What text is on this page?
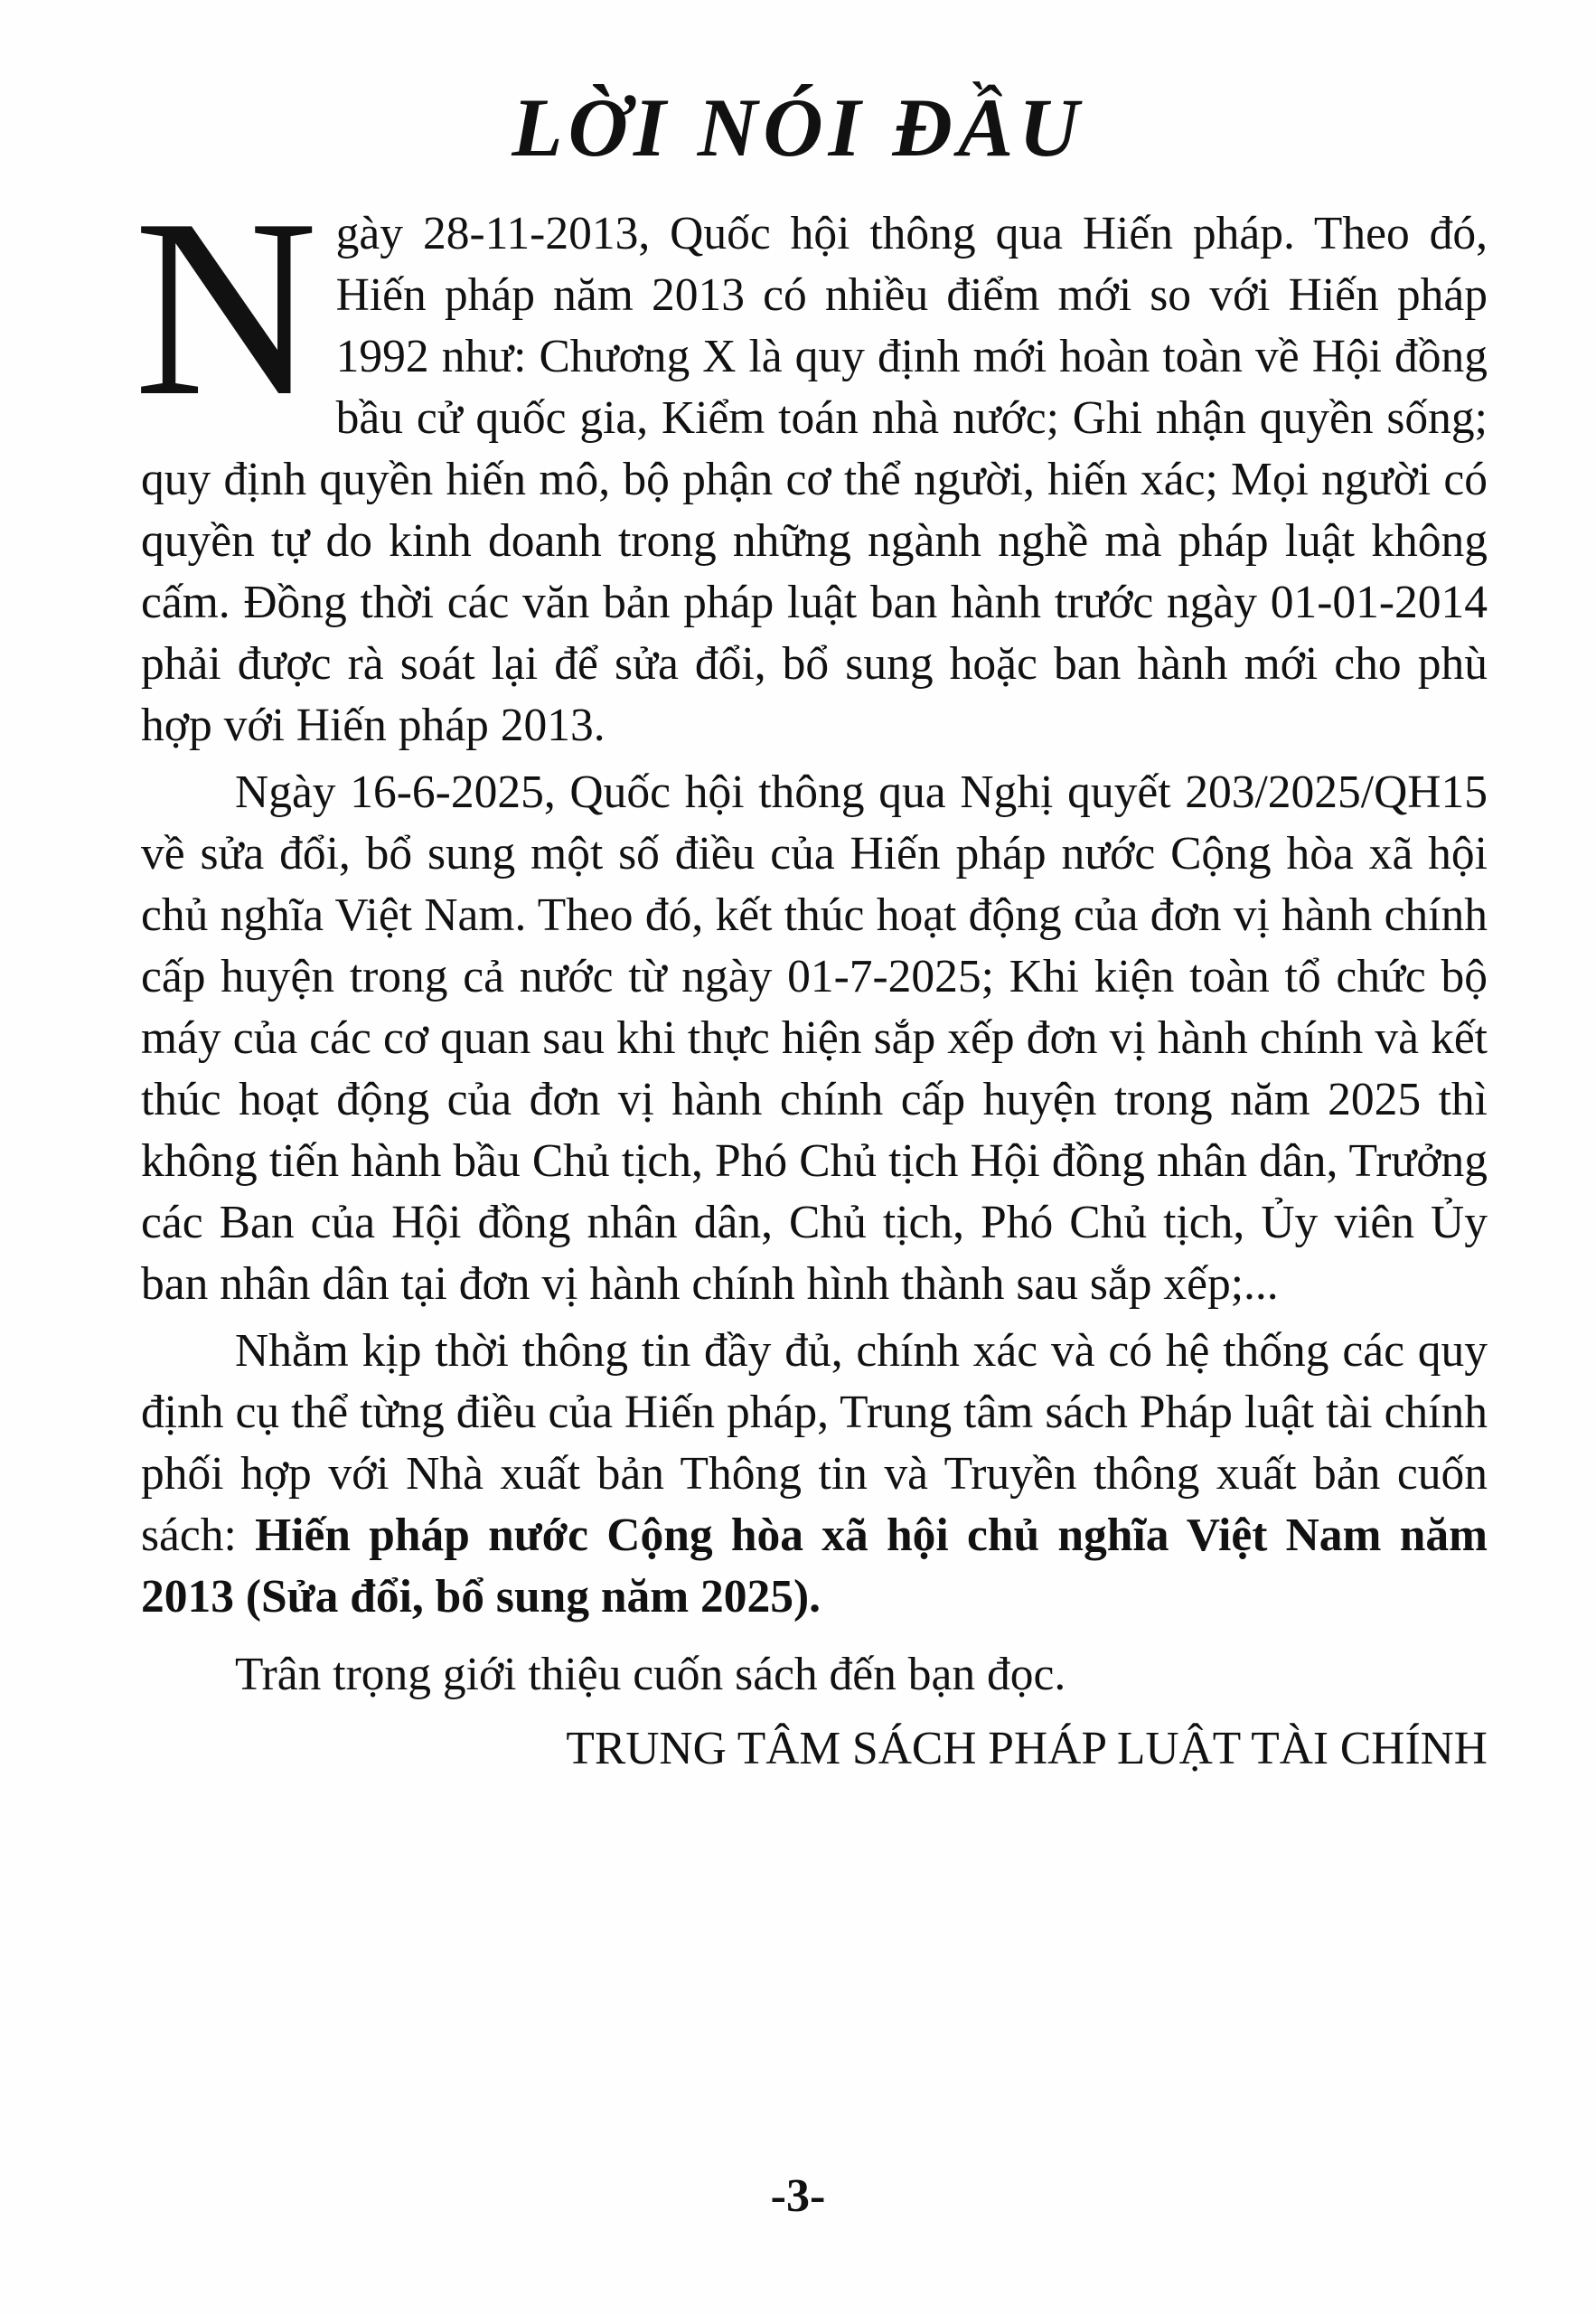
LỜI NÓI ĐẦU

Ngày 28-11-2013, Quốc hội thông qua Hiến pháp. Theo đó, Hiến pháp năm 2013 có nhiều điểm mới so với Hiến pháp 1992 như: Chương X là quy định mới hoàn toàn về Hội đồng bầu cử quốc gia, Kiểm toán nhà nước; Ghi nhận quyền sống; quy định quyền hiến mô, bộ phận cơ thể người, hiến xác; Mọi người có quyền tự do kinh doanh trong những ngành nghề mà pháp luật không cấm. Đồng thời các văn bản pháp luật ban hành trước ngày 01-01-2014 phải được rà soát lại để sửa đổi, bổ sung hoặc ban hành mới cho phù hợp với Hiến pháp 2013.

Ngày 16-6-2025, Quốc hội thông qua Nghị quyết 203/2025/QH15 về sửa đổi, bổ sung một số điều của Hiến pháp nước Cộng hòa xã hội chủ nghĩa Việt Nam. Theo đó, kết thúc hoạt động của đơn vị hành chính cấp huyện trong cả nước từ ngày 01-7-2025; Khi kiện toàn tổ chức bộ máy của các cơ quan sau khi thực hiện sắp xếp đơn vị hành chính và kết thúc hoạt động của đơn vị hành chính cấp huyện trong năm 2025 thì không tiến hành bầu Chủ tịch, Phó Chủ tịch Hội đồng nhân dân, Trưởng các Ban của Hội đồng nhân dân, Chủ tịch, Phó Chủ tịch, Ủy viên Ủy ban nhân dân tại đơn vị hành chính hình thành sau sắp xếp;...

Nhằm kịp thời thông tin đầy đủ, chính xác và có hệ thống các quy định cụ thể từng điều của Hiến pháp, Trung tâm sách Pháp luật tài chính phối hợp với Nhà xuất bản Thông tin và Truyền thông xuất bản cuốn sách: Hiến pháp nước Cộng hòa xã hội chủ nghĩa Việt Nam năm 2013 (Sửa đổi, bổ sung năm 2025).

Trân trọng giới thiệu cuốn sách đến bạn đọc.

TRUNG TÂM SÁCH PHÁP LUẬT TÀI CHÍNH

-3-
